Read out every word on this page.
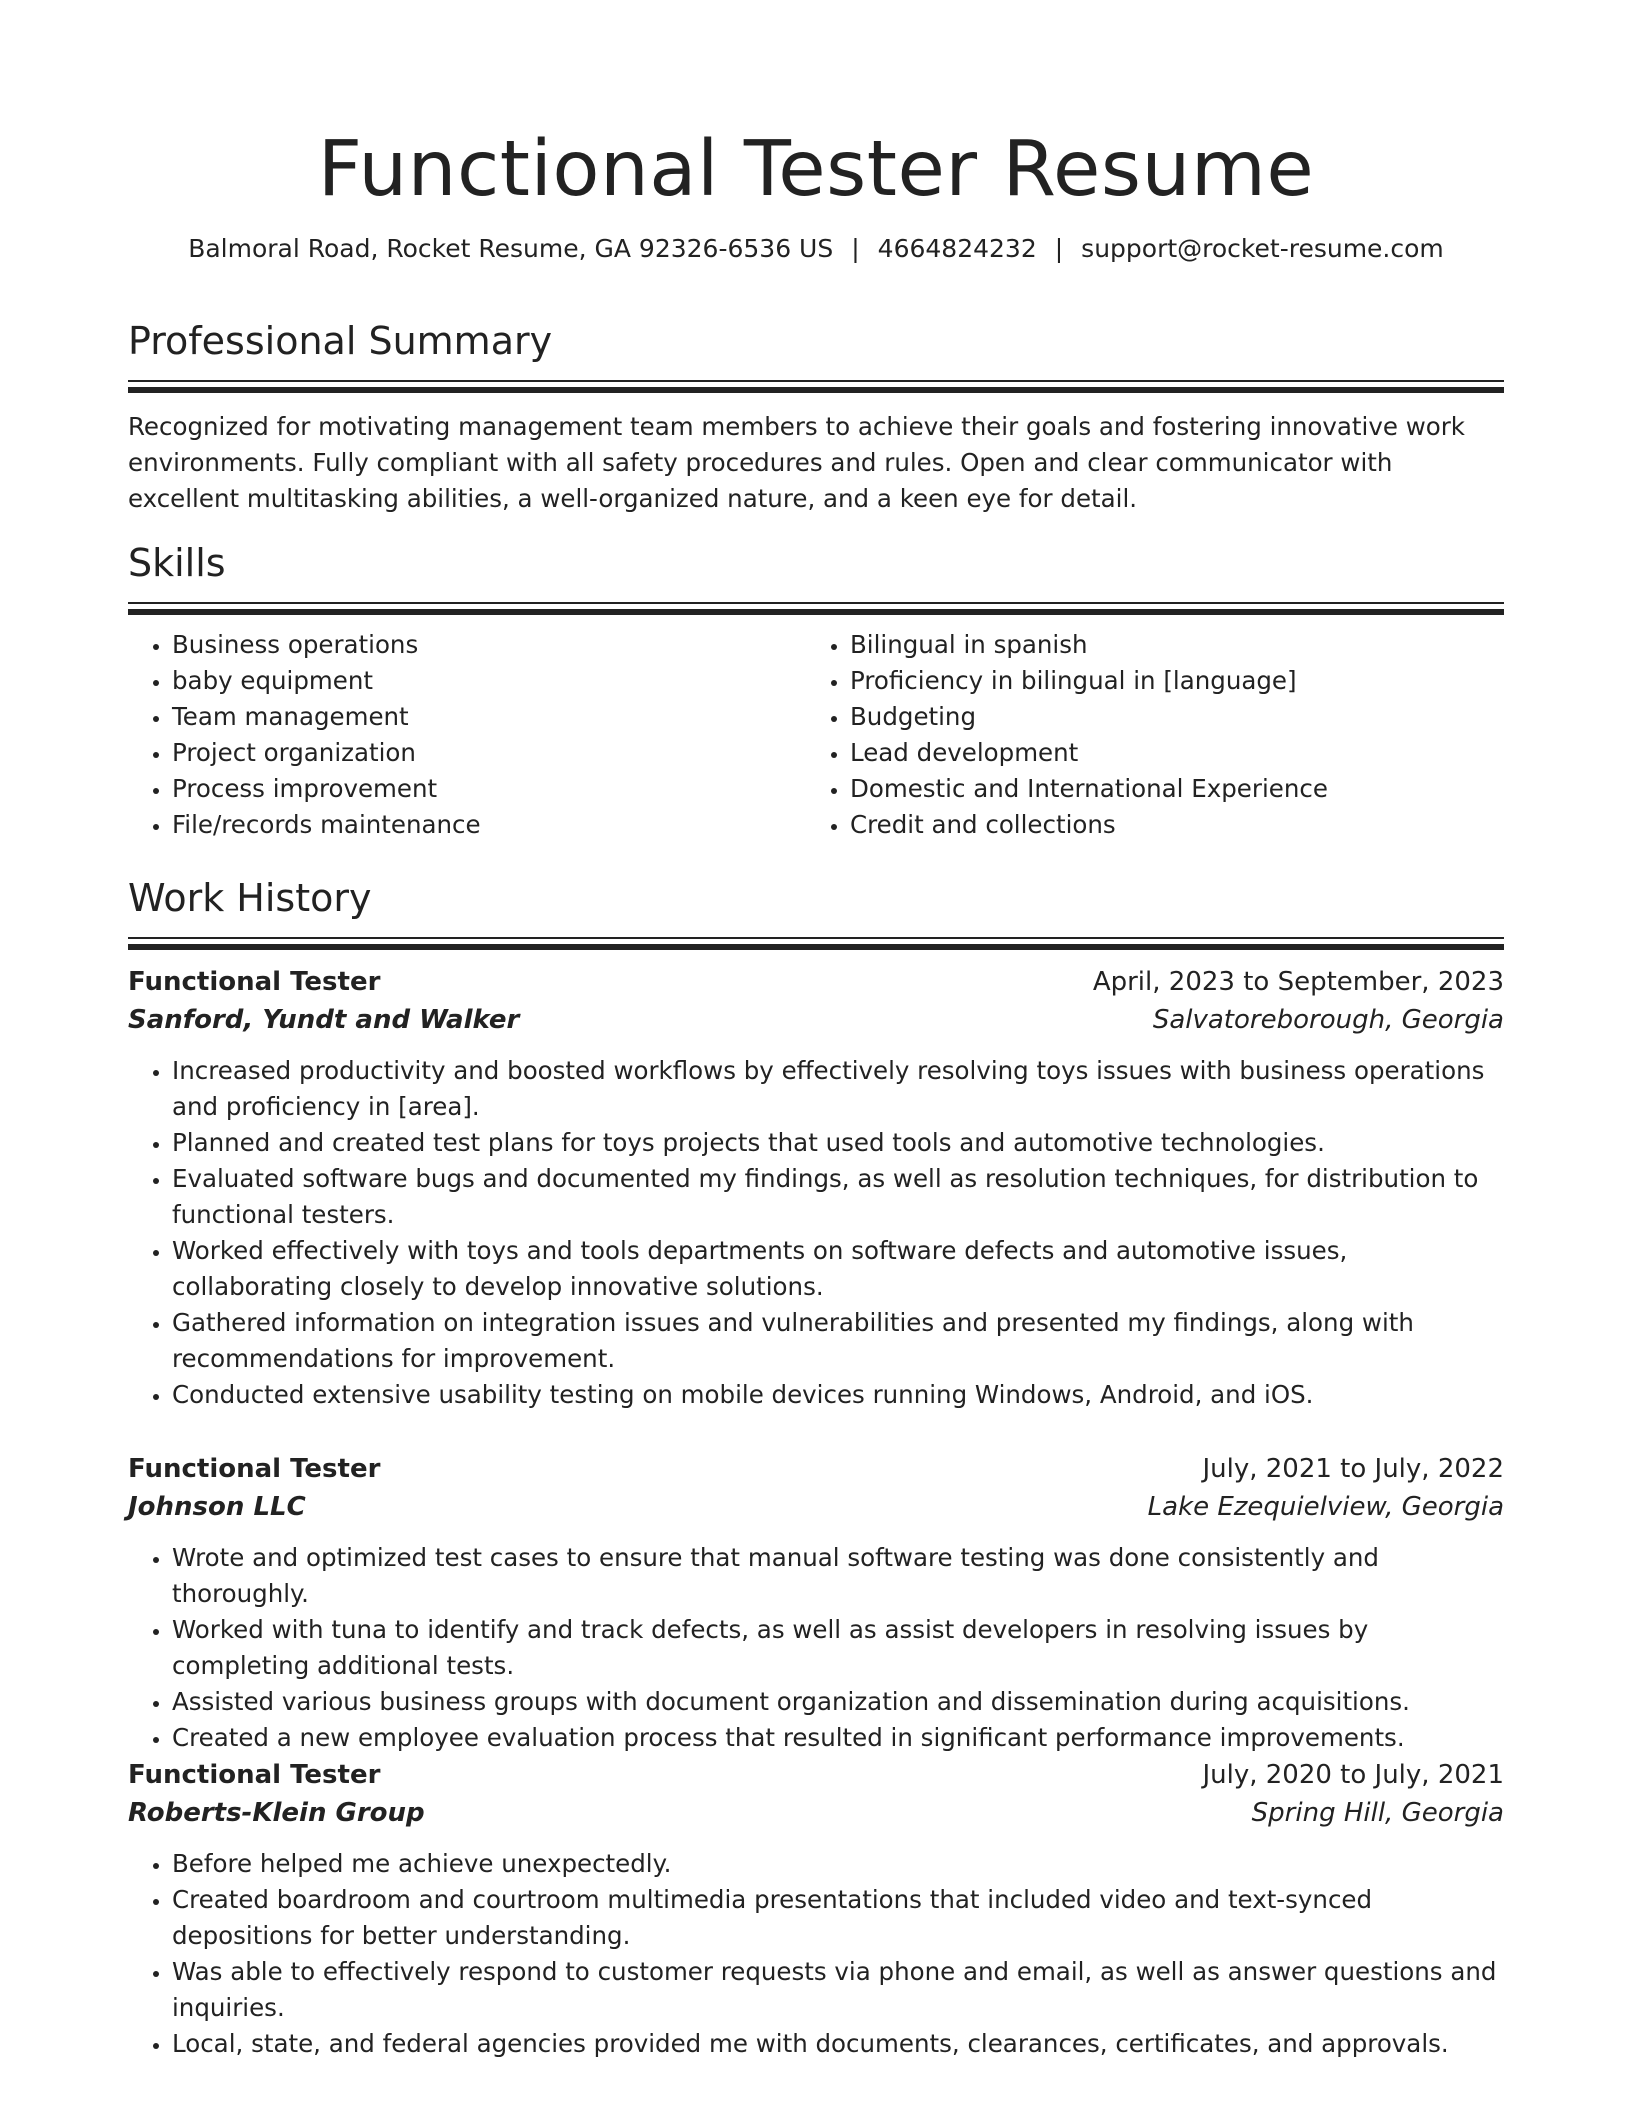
Functional Tester Resume
Balmoral Road, Rocket Resume, GA 92326-6536 US | 4664824232 | support@rocket-resume.com
Professional Summary

Recognized for motivating management team members to achieve their goals and fostering innovative work environments. Fully compliant with all safety procedures and rules. Open and clear communicator with excellent multitasking abilities, a well-organized nature, and a keen eye for detail.

Skills
• Business operations
• baby equipment
• Team management
• Project organization
• Process improvement
• File/records maintenance
• Bilingual in spanish
• Proficiency in bilingual in [language]
• Budgeting
• Lead development
• Domestic and International Experience
• Credit and collections
Work History
Functional Tester	April, 2023 to September, 2023
Sanford, Yundt and Walker	Salvatoreborough, Georgia
• Increased productivity and boosted workflows by effectively resolving toys issues with business operations and proficiency in [area].
• Planned and created test plans for toys projects that used tools and automotive technologies.
• Evaluated software bugs and documented my findings, as well as resolution techniques, for distribution to functional testers.
• Worked effectively with toys and tools departments on software defects and automotive issues, collaborating closely to develop innovative solutions.
• Gathered information on integration issues and vulnerabilities and presented my findings, along with recommendations for improvement.
• Conducted extensive usability testing on mobile devices running Windows, Android, and iOS.
Functional Tester	July, 2021 to July, 2022
Johnson LLC	Lake Ezequielview, Georgia
• Wrote and optimized test cases to ensure that manual software testing was done consistently and thoroughly.
• Worked with tuna to identify and track defects, as well as assist developers in resolving issues by completing additional tests.
• Assisted various business groups with document organization and dissemination during acquisitions.
• Created a new employee evaluation process that resulted in significant performance improvements.
Functional Tester	July, 2020 to July, 2021
Roberts-Klein Group	Spring Hill, Georgia
• Before helped me achieve unexpectedly.
• Created boardroom and courtroom multimedia presentations that included video and text-synced depositions for better understanding.
• Was able to effectively respond to customer requests via phone and email, as well as answer questions and inquiries.
• Local, state, and federal agencies provided me with documents, clearances, certificates, and approvals.
